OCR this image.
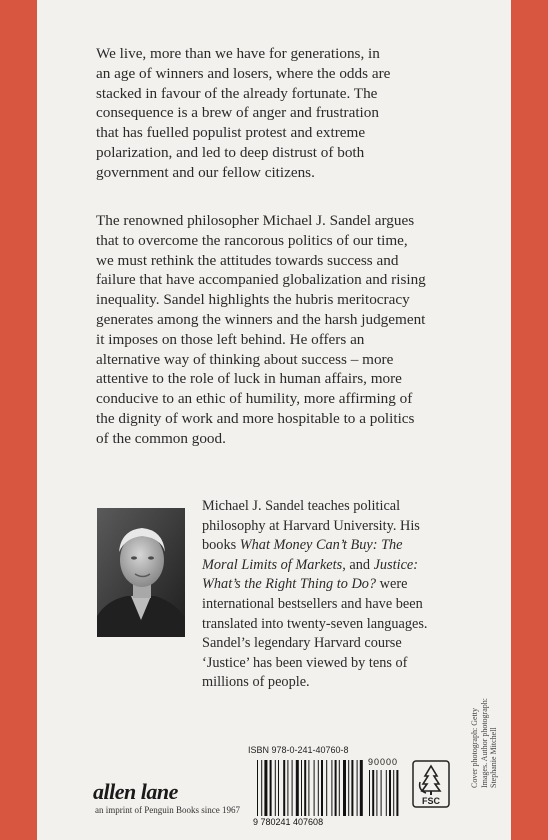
We live, more than we have for generations, in
an age of winners and losers, where the odds are
stacked in favour of the already fortunate. The
consequence is a brew of anger and frustration
that has fuelled populist protest and extreme
polarization, and led to deep distrust of both
government and our fellow citizens.
The renowned philosopher Michael J. Sandel argues
that to overcome the rancorous politics of our time,
we must rethink the attitudes towards success and
failure that have accompanied globalization and rising
inequality. Sandel highlights the hubris meritocracy
generates among the winners and the harsh judgement
it imposes on those left behind. He offers an
alternative way of thinking about success – more
attentive to the role of luck in human affairs, more
conducive to an ethic of humility, more affirming of
the dignity of work and more hospitable to a politics
of the common good.
Michael J. Sandel teaches political
philosophy at Harvard University. His
books What Money Can’t Buy: The
Moral Limits of Markets, and Justice:
What’s the Right Thing to Do? were
international bestsellers and have been
translated into twenty-seven languages.
Sandel’s legendary Harvard course
‘Justice’ has been viewed by tens of
millions of people.
ISBN 978-0-241-40760-8
9 780241 407608
90000
FSC
allen lane
an imprint of Penguin Books since 1967
Cover photograph: Getty Images. Author photograph: Stephanie Mitchell
